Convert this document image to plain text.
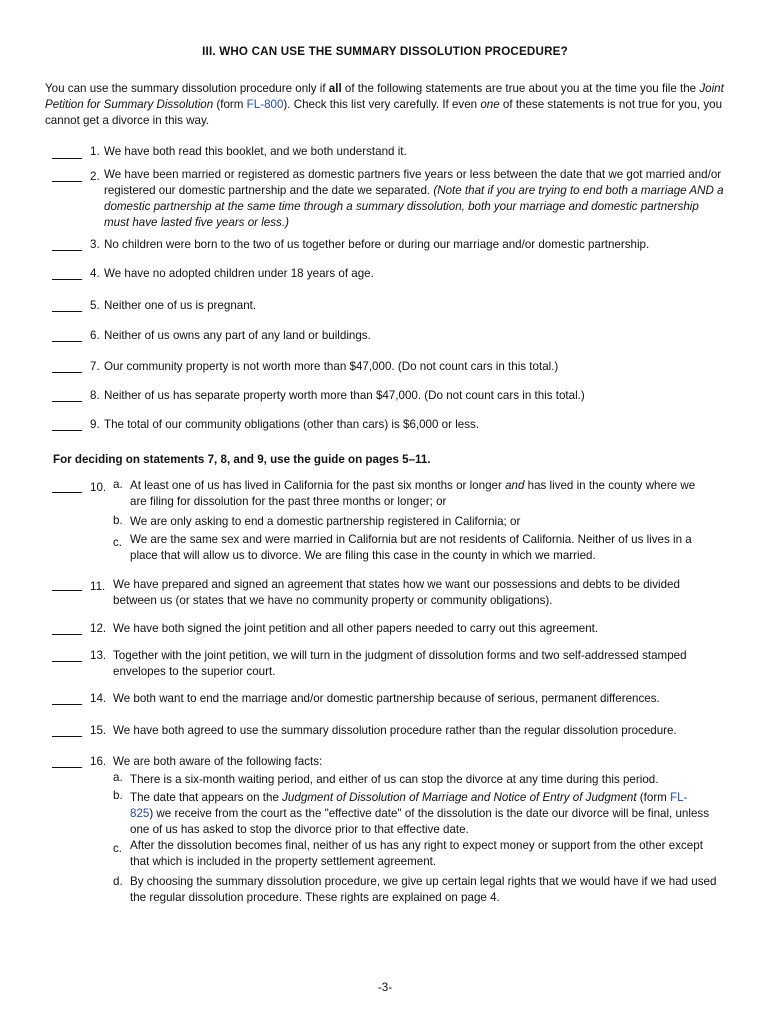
III. WHO CAN USE THE SUMMARY DISSOLUTION PROCEDURE?
You can use the summary dissolution procedure only if all of the following statements are true about you at the time you file the Joint Petition for Summary Dissolution (form FL-800). Check this list very carefully. If even one of these statements is not true for you, you cannot get a divorce in this way.
1. We have both read this booklet, and we both understand it.
2. We have been married or registered as domestic partners five years or less between the date that we got married and/or registered our domestic partnership and the date we separated. (Note that if you are trying to end both a marriage AND a domestic partnership at the same time through a summary dissolution, both your marriage and domestic partnership must have lasted five years or less.)
3. No children were born to the two of us together before or during our marriage and/or domestic partnership.
4. We have no adopted children under 18 years of age.
5. Neither one of us is pregnant.
6. Neither of us owns any part of any land or buildings.
7. Our community property is not worth more than $47,000. (Do not count cars in this total.)
8. Neither of us has separate property worth more than $47,000. (Do not count cars in this total.)
9. The total of our community obligations (other than cars) is $6,000 or less.
For deciding on statements 7, 8, and 9, use the guide on pages 5–11.
10. a. At least one of us has lived in California for the past six months or longer and has lived in the county where we are filing for dissolution for the past three months or longer; or
b. We are only asking to end a domestic partnership registered in California; or
c. We are the same sex and were married in California but are not residents of California. Neither of us lives in a place that will allow us to divorce. We are filing this case in the county in which we married.
11. We have prepared and signed an agreement that states how we want our possessions and debts to be divided between us (or states that we have no community property or community obligations).
12. We have both signed the joint petition and all other papers needed to carry out this agreement.
13. Together with the joint petition, we will turn in the judgment of dissolution forms and two self-addressed stamped envelopes to the superior court.
14. We both want to end the marriage and/or domestic partnership because of serious, permanent differences.
15. We have both agreed to use the summary dissolution procedure rather than the regular dissolution procedure.
16. We are both aware of the following facts:
a. There is a six-month waiting period, and either of us can stop the divorce at any time during this period.
b. The date that appears on the Judgment of Dissolution of Marriage and Notice of Entry of Judgment (form FL-825) we receive from the court as the "effective date" of the dissolution is the date our divorce will be final, unless one of us has asked to stop the divorce prior to that effective date.
c. After the dissolution becomes final, neither of us has any right to expect money or support from the other except that which is included in the property settlement agreement.
d. By choosing the summary dissolution procedure, we give up certain legal rights that we would have if we had used the regular dissolution procedure. These rights are explained on page 4.
-3-
